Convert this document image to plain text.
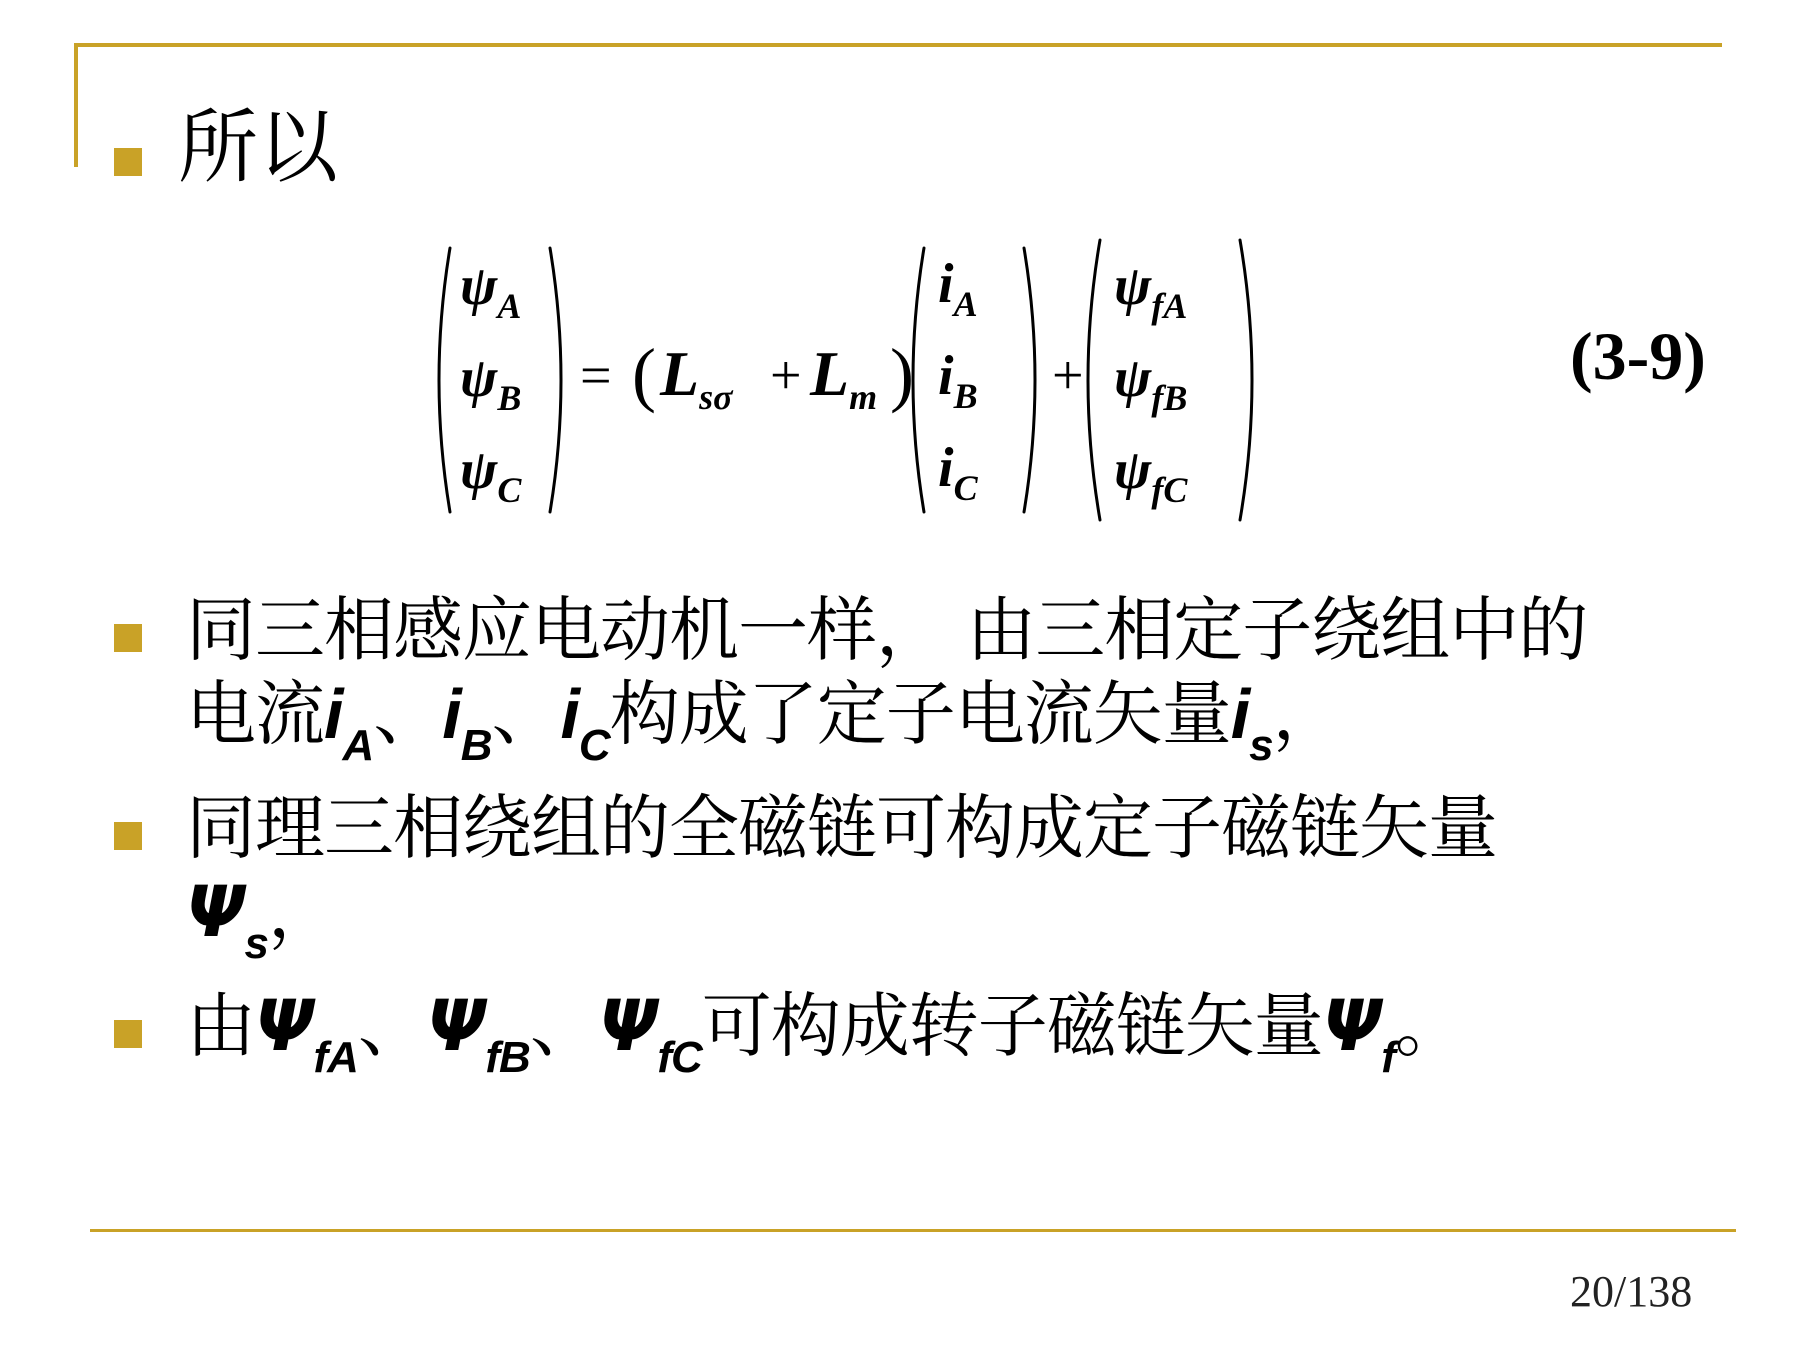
所以
$\psi_A$
$\psi_B$
$\psi_C$
= ( $L_{s\sigma} + L_m$ )
$i_A$
$i_B$
$i_C$
+
$\psi_{fA}$
$\psi_{fB}$
$\psi_{fC}$
(3-9)
同三相感应电动机一样， 由三相定子绕组中的
电流$i_A$、$i_B$、$i_C$构成了定子电流矢量$i_s$，
同理三相绕组的全磁链可构成定子磁链矢量
$\Psi_s$，
由$\Psi_{fA}$、$\Psi_{fB}$、$\Psi_{fC}$可构成转子磁链矢量$\Psi_f$。
20/138
